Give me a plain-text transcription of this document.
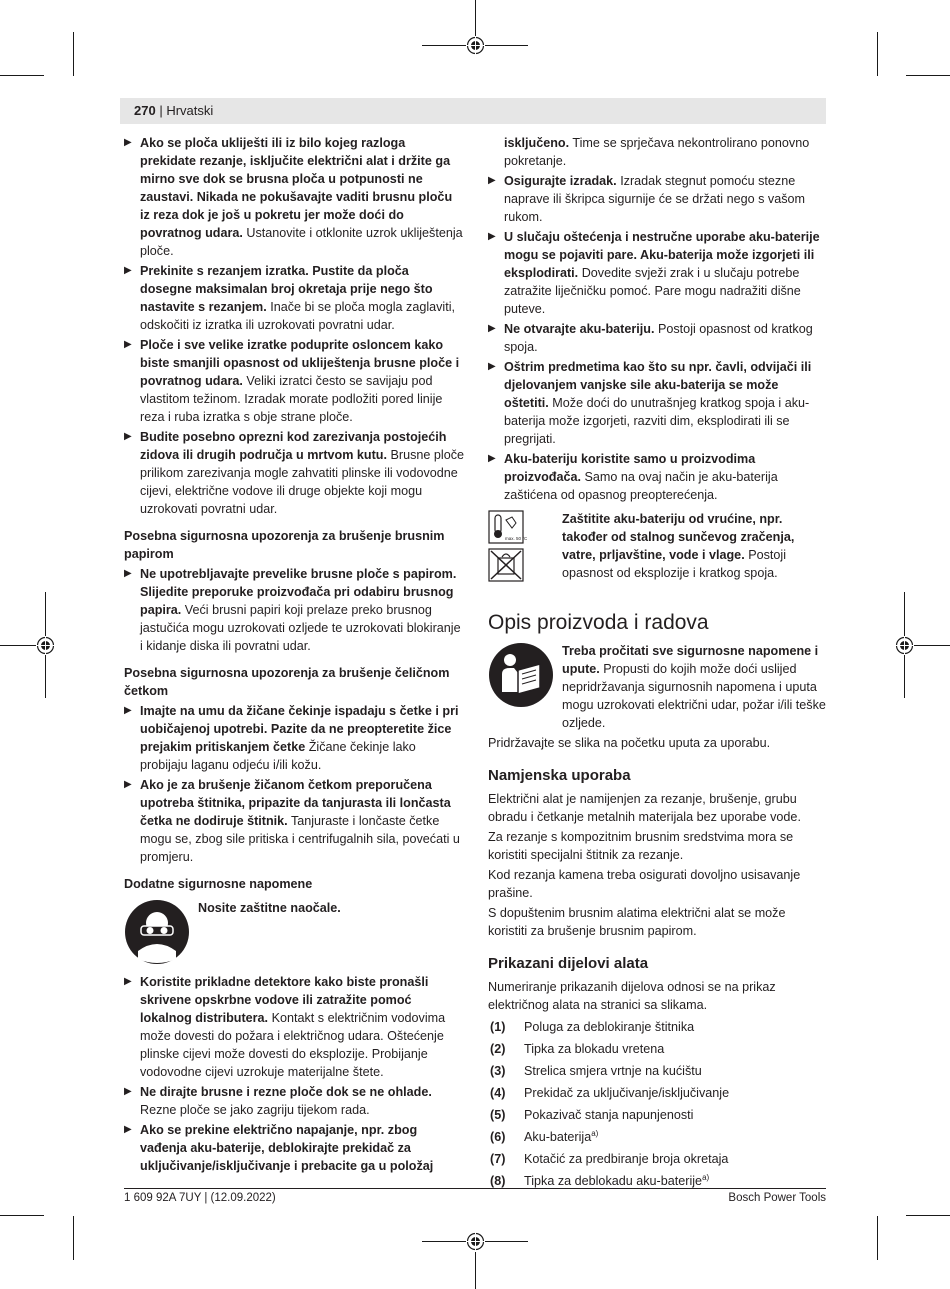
270 | Hrvatski
▶ Ako se ploča ukliješti ili iz bilo kojeg razloga prekidate rezanje, isključite električni alat i držite ga mirno sve dok se brusna ploča u potpunosti ne zaustavi. Nikada ne pokušavajte vaditi brusnu ploču iz reza dok je još u pokretu jer može doći do povratnog udara. Ustanovite i otklonite uzrok ukliještenja ploče.
▶ Prekinite s rezanjem izratka. Pustite da ploča dosegne maksimalan broj okretaja prije nego što nastavite s rezanjem. Inače bi se ploča mogla zaglaviti, odskočiti iz izratka ili uzrokovati povratni udar.
▶ Ploče i sve velike izratke poduprite osloncem kako biste smanjili opasnost od ukliještenja brusne ploče i povratnog udara. Veliki izratci često se savijaju pod vlastitom težinom. Izradak morate podložiti pored linije reza i ruba izratka s obje strane ploče.
▶ Budite posebno oprezni kod zarezivanja postojećih zidova ili drugih područja u mrtvom kutu. Brusne ploče prilikom zarezivanja mogle zahvatiti plinske ili vodovodne cijevi, električne vodove ili druge objekte koji mogu uzrokovati povratni udar.
Posebna sigurnosna upozorenja za brušenje brusnim papirom
▶ Ne upotrebljavajte prevelike brusne ploče s papirom. Slijedite preporuke proizvođača pri odabiru brusnog papira. Veći brusni papiri koji prelaze preko brusnog jastučića mogu uzrokovati ozljede te uzrokovati blokiranje i kidanje diska ili povratni udar.
Posebna sigurnosna upozorenja za brušenje čeličnom četkom
▶ Imajte na umu da žičane čekinje ispadaju s četke i pri uobičajenoj upotrebi. Pazite da ne preopteretite žice prejakim pritiskanjem četke Žičane čekinje lako probijaju laganu odjeću i/ili kožu.
▶ Ako je za brušenje žičanom četkom preporučena upotreba štitnika, pripazite da tanjurasta ili lončasta četka ne dodiruje štitnik. Tanjuraste i lončaste četke mogu se, zbog sile pritiska i centrifugalnih sila, povećati u promjeru.
Dodatne sigurnosne napomene
Nosite zaštitne naočale.
▶ Koristite prikladne detektore kako biste pronašli skrivene opskrbne vodove ili zatražite pomoć lokalnog distributera. Kontakt s električnim vodovima može dovesti do požara i električnog udara. Oštećenje plinske cijevi može dovesti do eksplozije. Probijanje vodovodne cijevi uzrokuje materijalne štete.
▶ Ne dirajte brusne i rezne ploče dok se ne ohlade. Rezne ploče se jako zagriju tijekom rada.
▶ Ako se prekine električno napajanje, npr. zbog vađenja aku-baterije, deblokirajte prekidač za uključivanje/isključivanje i prebacite ga u položaj
isključeno. Time se sprječava nekontrolirano ponovno pokretanje.
▶ Osigurajte izradak. Izradak stegnut pomoću stezne naprave ili škripca sigurnije će se držati nego s vašom rukom.
▶ U slučaju oštećenja i nestručne uporabe aku-baterije mogu se pojaviti pare. Aku-baterija može izgorjeti ili eksplodirati. Dovedite svježi zrak i u slučaju potrebe zatražite liječničku pomoć. Pare mogu nadražiti dišne puteve.
▶ Ne otvarajte aku-bateriju. Postoji opasnost od kratkog spoja.
▶ Oštrim predmetima kao što su npr. čavli, odvijači ili djelovanjem vanjske sile aku-baterija se može oštetiti. Može doći do unutrašnjeg kratkog spoja i aku-baterija može izgorjeti, razviti dim, eksplodirati ili se pregrijati.
▶ Aku-bateriju koristite samo u proizvodima proizvođača. Samo na ovaj način je aku-baterija zaštićena od opasnog preopterećenja.
max. 50 °C
Zaštitite aku-bateriju od vrućine, npr. također od stalnog sunčevog zračenja, vatre, prljavštine, vode i vlage. Postoji opasnost od eksplozije i kratkog spoja.
Opis proizvoda i radova
Treba pročitati sve sigurnosne napomene i upute. Propusti do kojih može doći uslijed nepridržavanja sigurnosnih napomena i uputa mogu uzrokovati električni udar, požar i/ili teške ozljede.
Pridržavajte se slika na početku uputa za uporabu.
Namjenska uporaba
Električni alat je namijenjen za rezanje, brušenje, grubu obradu i četkanje metalnih materijala bez uporabe vode.
Za rezanje s kompozitnim brusnim sredstvima mora se koristiti specijalni štitnik za rezanje.
Kod rezanja kamena treba osigurati dovoljno usisavanje prašine.
S dopuštenim brusnim alatima električni alat se može koristiti za brušenje brusnim papirom.
Prikazani dijelovi alata
Numeriranje prikazanih dijelova odnosi se na prikaz električnog alata na stranici sa slikama.
(1) Poluga za deblokiranje štitnika
(2) Tipka za blokadu vretena
(3) Strelica smjera vrtnje na kućištu
(4) Prekidač za uključivanje/isključivanje
(5) Pokazivač stanja napunjenosti
(6) Aku-baterija$^{a)}$
(7) Kotačić za predbiranje broja okretaja
(8) Tipka za deblokadu aku-baterije$^{a)}$
1 609 92A 7UY | (12.09.2022)	Bosch Power Tools
